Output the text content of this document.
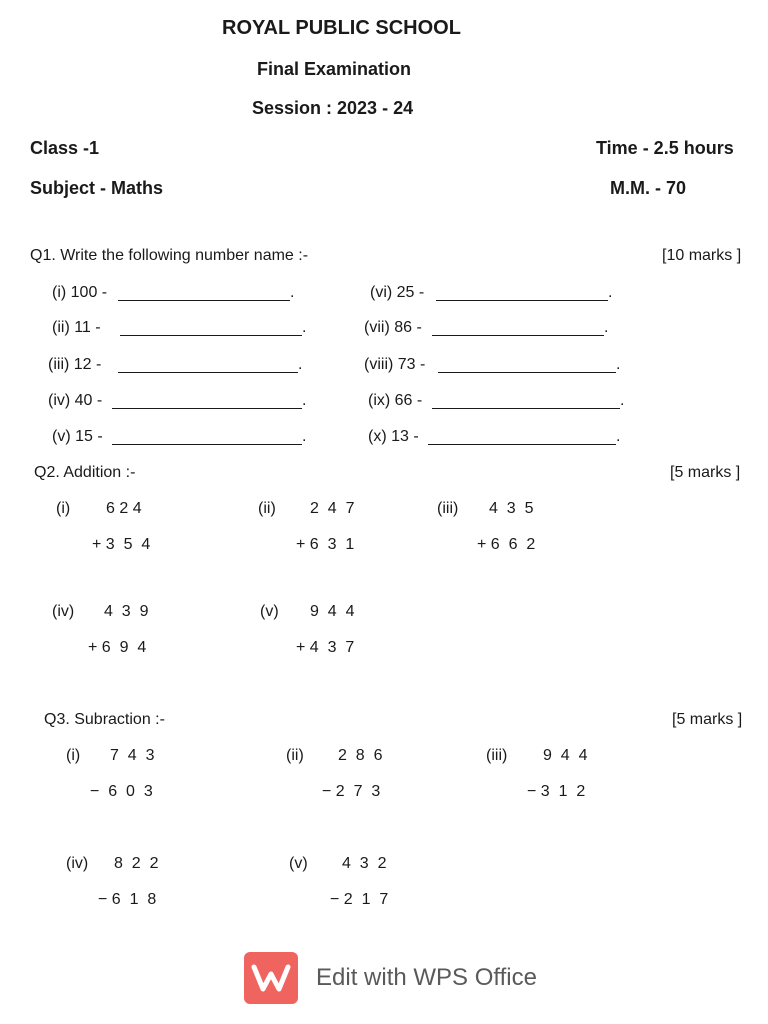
ROYAL PUBLIC SCHOOL
Final Examination
Session : 2023 - 24
Class -1	Time - 2.5 hours
Subject - Maths	M.M. - 70
Q1. Write the following number name :-	[10 marks ]
(i) 100 -	.	(vi) 25 -	.
(ii) 11 -	.	(vii) 86 -	.
(iii) 12 -	.	(viii) 73 -	.
(iv) 40 -	.	(ix) 66 -	.
(v) 15 -	.	(x) 13 -	.
Q2. Addition :-	[5 marks ]
(i) 6 2 4
+ 3  5  4
(ii) 2  4  7
+ 6  3  1
(iii) 4  3  5
+ 6  6  2
(iv) 4  3  9
+ 6  9  4
(v) 9  4  4
+ 4  3  7
Q3. Subraction :-	[5 marks ]
(i) 7  4  3
−  6  0  3
(ii) 2  8  6
− 2  7  3
(iii) 9  4  4
− 3  1  2
(iv) 8  2  2
− 6  1  8
(v) 4  3  2
− 2  1  7
Edit with WPS Office
